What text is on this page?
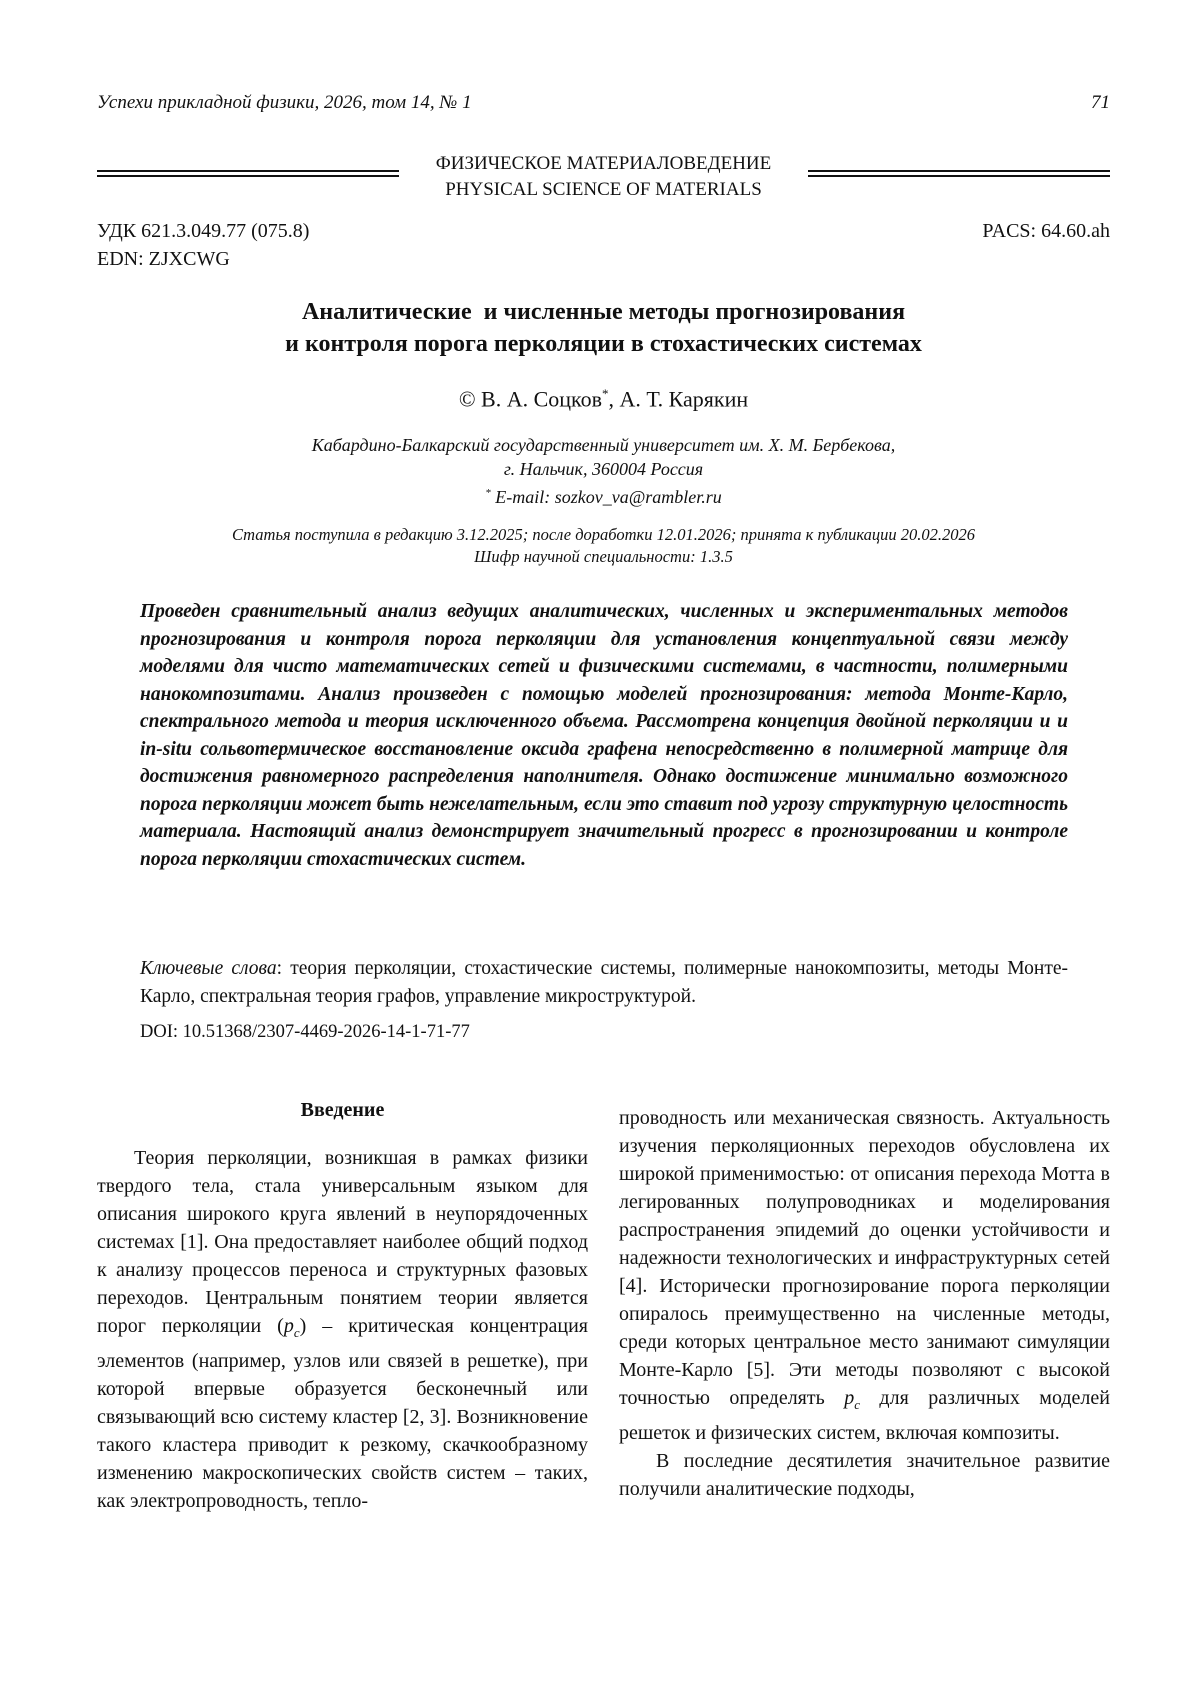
Успехи прикладной физики, 2026, том 14, № 1	71
ФИЗИЧЕСКОЕ МАТЕРИАЛОВЕДЕНИЕ
PHYSICAL SCIENCE OF MATERIALS
УДК 621.3.049.77 (075.8)
EDN: ZJXCWG
PACS: 64.60.ah
Аналитические  и численные методы прогнозирования
и контроля порога перколяции в стохастических системах
© В. А. Соцков*, А. Т. Карякин
Кабардино-Балкарский государственный университет им. Х. М. Бербекова,
г. Нальчик, 360004 Россия
* E-mail: sozkov_va@rambler.ru
Статья поступила в редакцию 3.12.2025; после доработки 12.01.2026; принята к публикации 20.02.2026
Шифр научной специальности: 1.3.5
Проведен сравнительный анализ ведущих аналитических, численных и экспериментальных методов прогнозирования и контроля порога перколяции для установления концептуальной связи между моделями для чисто математических сетей и физическими системами, в частности, полимерными нанокомпозитами. Анализ произведен с помощью моделей прогнозирования: метода Монте-Карло, спектрального метода и теория исключенного объема. Рассмотрена концепция двойной перколяции и и in-situ сольвотермическое восстановление оксида графена непосредственно в полимерной матрице для достижения равномерного распределения наполнителя. Однако достижение минимально возможного порога перколяции может быть нежелательным, если это ставит под угрозу структурную целостность материала. Настоящий анализ демонстрирует значительный прогресс в прогнозировании и контроле порога перколяции стохастических систем.
Ключевые слова: теория перколяции, стохастические системы, полимерные нанокомпозиты, методы Монте-Карло, спектральная теория графов, управление микроструктурой.
DOI: 10.51368/2307-4469-2026-14-1-71-77
Введение

Теория перколяции, возникшая в рамках физики твердого тела, стала универсальным языком для описания широкого круга явлений в неупорядоченных системах [1]. Она предоставляет наиболее общий подход к анализу процессов переноса и структурных фазовых переходов. Центральным понятием теории является порог перколяции $(p_c)$ – критическая концентрация элементов (например, узлов или связей в решетке), при которой впервые образуется бесконечный или связывающий всю систему кластер [2, 3]. Возникновение такого кластера приводит к резкому, скачкообразному изменению макроскопических свойств систем – таких, как электропроводность, тепло-

проводность или механическая связность. Актуальность изучения перколяционных переходов обусловлена их широкой применимостью: от описания перехода Мотта в легированных полупроводниках и моделирования распространения эпидемий до оценки устойчивости и надежности технологических и инфраструктурных сетей [4]. Исторически прогнозирование порога перколяции опиралось преимущественно на численные методы, среди которых центральное место занимают симуляции Монте-Карло [5]. Эти методы позволяют с высокой точностью определять $p_c$ для различных моделей решеток и физических систем, включая композиты.

В последние десятилетия значительное развитие получили аналитические подходы,
